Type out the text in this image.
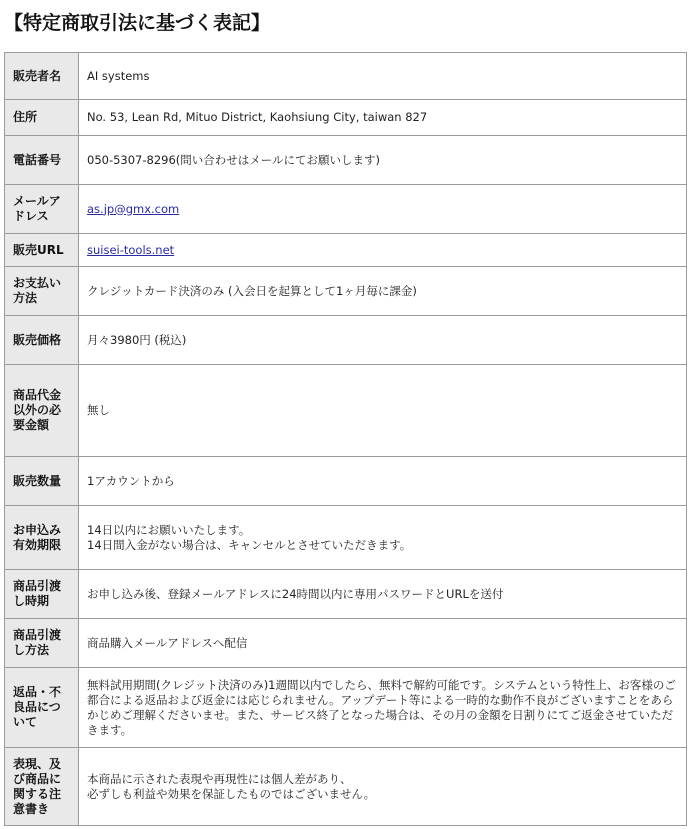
【特定商取引法に基づく表記】
販売者名	AI systems
住所	No. 53, Lean Rd, Mituo District, Kaohsiung City, taiwan 827
電話番号	050-5307-8296(問い合わせはメールにてお願いします)
メールアドレス	as.jp@gmx.com
販売URL	suisei-tools.net
お支払い方法	クレジットカード決済のみ (入会日を起算として1ヶ月毎に課金)
販売価格	月々3980円 (税込)
商品代金以外の必要金額	無し
販売数量	1アカウントから
お申込み有効期限	14日以内にお願いいたします。
14日間入金がない場合は、キャンセルとさせていただきます。

商品引渡し時期	お申し込み後、登録メールアドレスに24時間以内に専用パスワードとURLを送付
商品引渡し方法	商品購入メールアドレスへ配信
返品・不良品について	無料試用期間(クレジット決済のみ)1週間以内でしたら、無料で解約可能です。システムという特性上、お客様のご都合による返品および返金には応じられません。アップデート等による一時的な動作不良がございますことをあらかじめご理解くださいませ。また、サービス終了となった場合は、その月の金額を日割りにてご返金させていただきます。
表現、及び商品に関する注意書き	本商品に示された表現や再現性には個人差があり、
必ずしも利益や効果を保証したものではございません。
